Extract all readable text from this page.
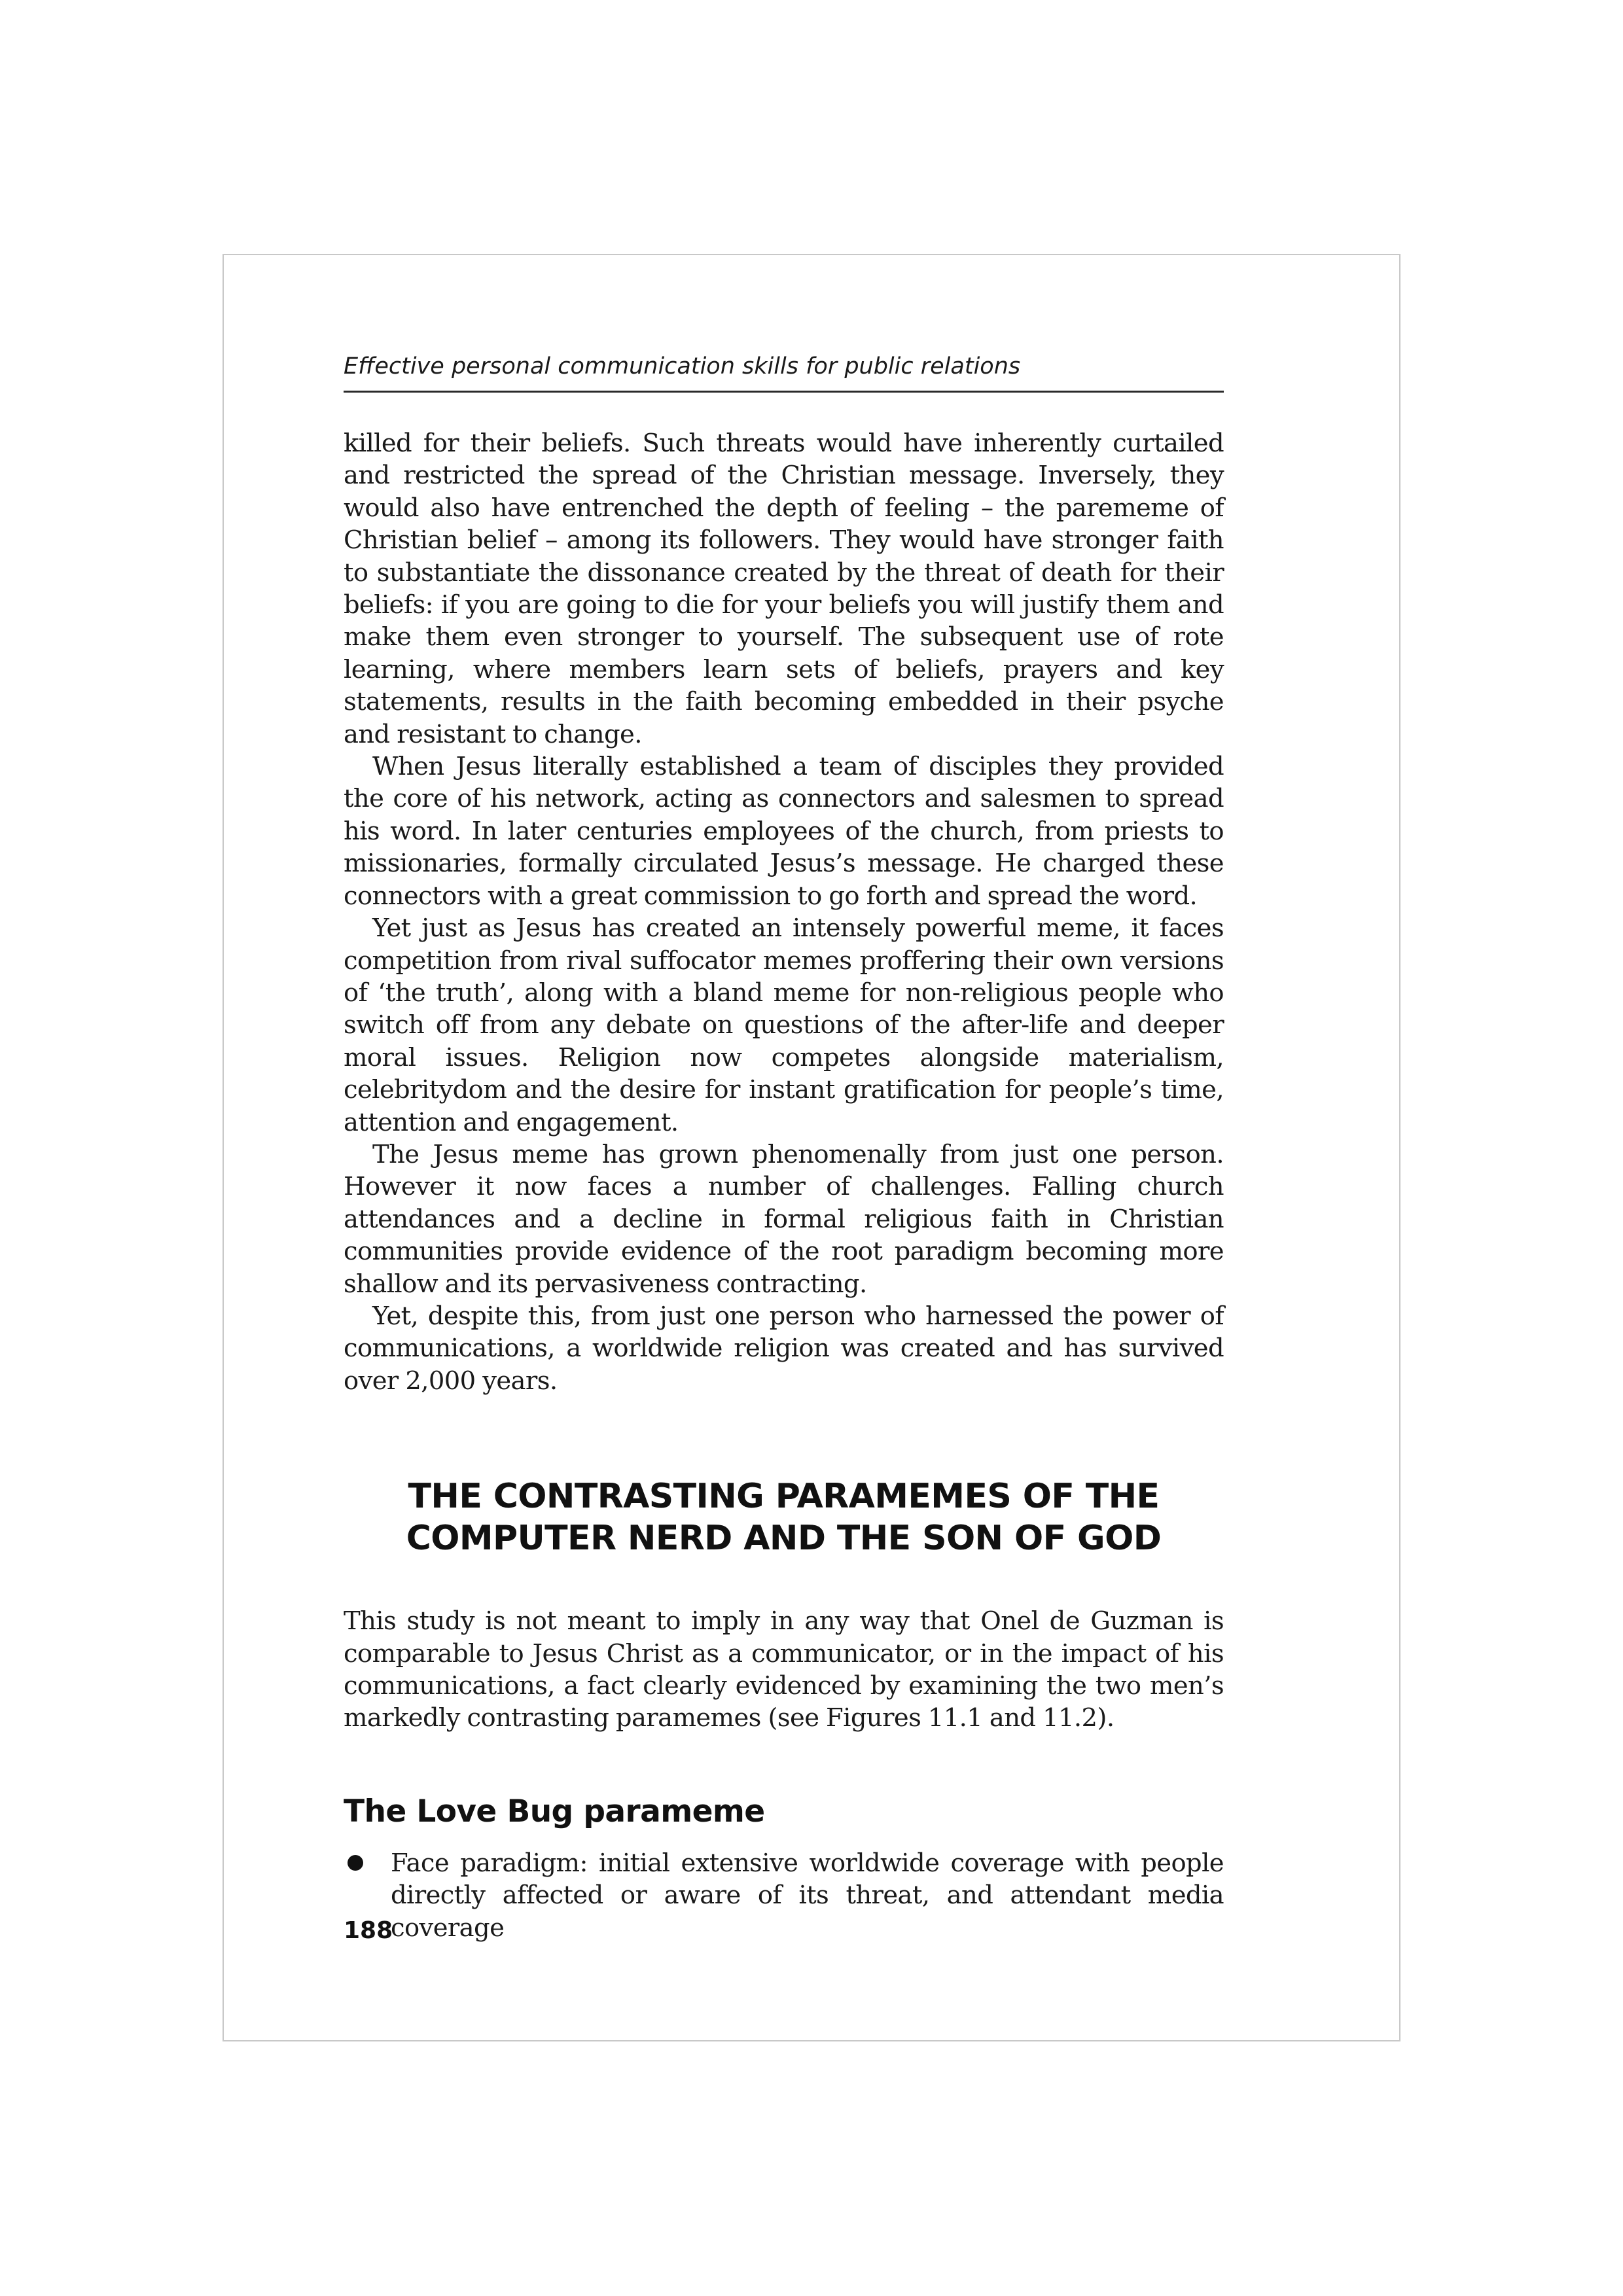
Effective personal communication skills for public relations

killed for their beliefs. Such threats would have inherently curtailed and restricted the spread of the Christian message. Inversely, they would also have entrenched the depth of feeling – the parememe of Christian belief – among its followers. They would have stronger faith to substantiate the dissonance created by the threat of death for their beliefs: if you are going to die for your beliefs you will justify them and make them even stronger to yourself. The subsequent use of rote learning, where members learn sets of beliefs, prayers and key statements, results in the faith becoming embedded in their psyche and resistant to change.

When Jesus literally established a team of disciples they provided the core of his network, acting as connectors and salesmen to spread his word. In later centuries employees of the church, from priests to missionaries, formally circulated Jesus’s message. He charged these connectors with a great commission to go forth and spread the word.

Yet just as Jesus has created an intensely powerful meme, it faces competition from rival suffocator memes proffering their own versions of ‘the truth’, along with a bland meme for non-religious people who switch off from any debate on questions of the after-life and deeper moral issues. Religion now competes alongside materialism, celebritydom and the desire for instant gratification for people’s time, attention and engagement.

The Jesus meme has grown phenomenally from just one person. However it now faces a number of challenges. Falling church attendances and a decline in formal religious faith in Christian communities provide evidence of the root paradigm becoming more shallow and its pervasiveness contracting.

Yet, despite this, from just one person who harnessed the power of communications, a worldwide religion was created and has survived over 2,000 years.

THE CONTRASTING PARAMEMES OF THE
COMPUTER NERD AND THE SON OF GOD

This study is not meant to imply in any way that Onel de Guzman is comparable to Jesus Christ as a communicator, or in the impact of his communications, a fact clearly evidenced by examining the two men’s markedly contrasting paramemes (see Figures 11.1 and 11.2).

The Love Bug parameme
Face paradigm: initial extensive worldwide coverage with people directly affected or aware of its threat, and attendant media coverage
188
